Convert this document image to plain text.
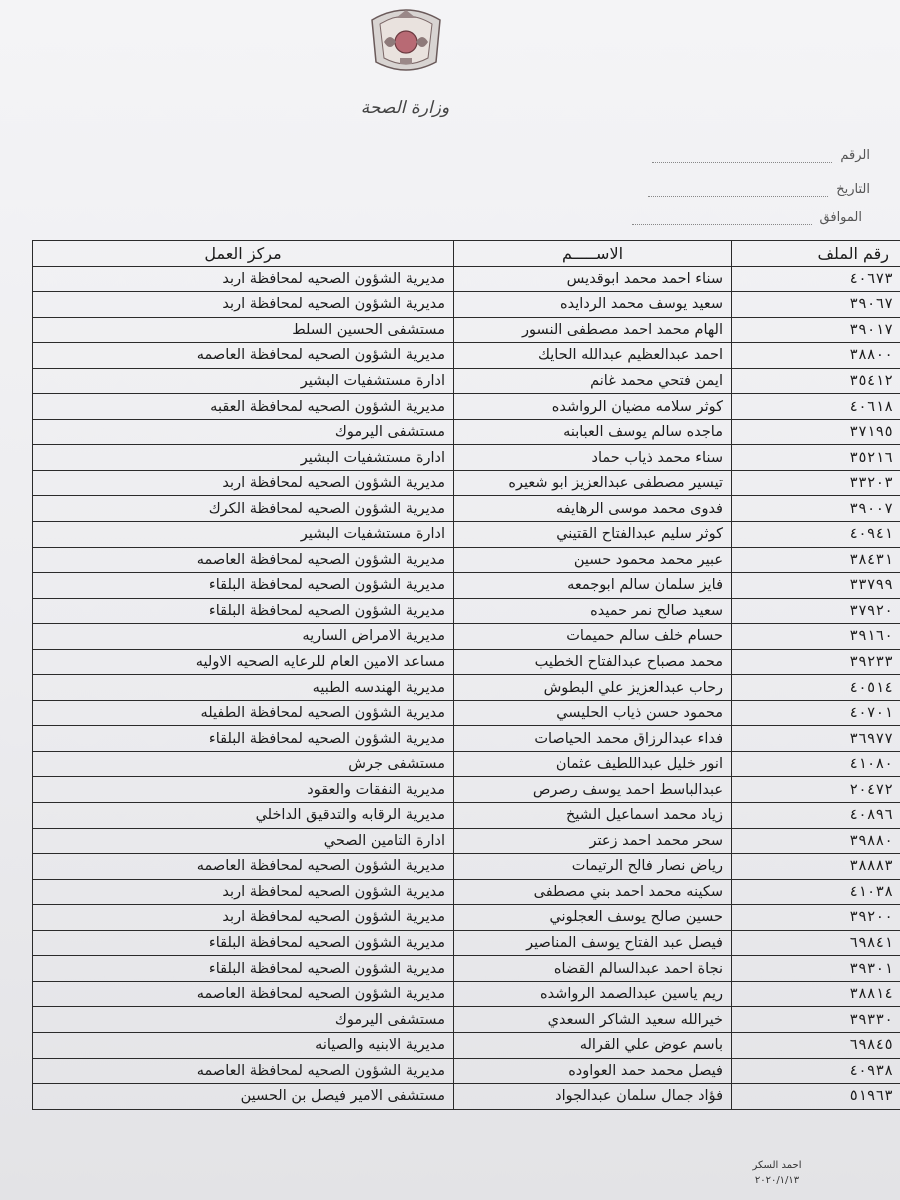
وزارة الصحة
الرقم
التاريخ
الموافق
رقم الملف	الاســـــم	مركز العمل
٤٠٦٧٣	سناء احمد محمد ابوقديس	مديرية الشؤون الصحيه لمحافظة اربد
٣٩٠٦٧	سعيد يوسف محمد الردايده	مديرية الشؤون الصحيه لمحافظة اربد
٣٩٠١٧	الهام محمد احمد مصطفى النسور	مستشفى الحسين السلط
٣٨٨٠٠	احمد عبدالعظيم عبدالله الحايك	مديرية الشؤون الصحيه لمحافظة العاصمه
٣٥٤١٢	ايمن فتحي محمد غانم	ادارة مستشفيات البشير
٤٠٦١٨	كوثر سلامه مضيان الرواشده	مديرية الشؤون الصحيه لمحافظة العقبه
٣٧١٩٥	ماجده سالم يوسف العبابنه	مستشفى اليرموك
٣٥٢١٦	سناء محمد ذياب حماد	ادارة مستشفيات البشير
٣٣٢٠٣	تيسير مصطفى عبدالعزيز ابو شعيره	مديرية الشؤون الصحيه لمحافظة اربد
٣٩٠٠٧	فدوى محمد موسى الرهايفه	مديرية الشؤون الصحيه لمحافظة الكرك
٤٠٩٤١	كوثر سليم عبدالفتاح القتيني	ادارة مستشفيات البشير
٣٨٤٣١	عبير محمد محمود حسين	مديرية الشؤون الصحيه لمحافظة العاصمه
٣٣٧٩٩	فايز سلمان سالم ابوجمعه	مديرية الشؤون الصحيه لمحافظة البلقاء
٣٧٩٢٠	سعيد صالح نمر حميده	مديرية الشؤون الصحيه لمحافظة البلقاء
٣٩١٦٠	حسام خلف سالم حميمات	مديرية الامراض الساريه
٣٩٢٣٣	محمد مصباح عبدالفتاح الخطيب	مساعد الامين العام للرعايه الصحيه الاوليه
٤٠٥١٤	رحاب عبدالعزيز علي البطوش	مديرية الهندسه الطبيه
٤٠٧٠١	محمود حسن ذياب الحليسي	مديرية الشؤون الصحيه لمحافظة الطفيله
٣٦٩٧٧	فداء عبدالرزاق محمد الحياصات	مديرية الشؤون الصحيه لمحافظة البلقاء
٤١٠٨٠	انور خليل عبداللطيف عثمان	مستشفى جرش
٢٠٤٧٢	عبدالباسط احمد يوسف رصرص	مديرية النفقات والعقود
٤٠٨٩٦	زياد محمد اسماعيل الشيخ	مديرية الرقابه والتدقيق الداخلي
٣٩٨٨٠	سحر محمد احمد زعتر	ادارة التامين الصحي
٣٨٨٨٣	رياض نصار فالح الرتيمات	مديرية الشؤون الصحيه لمحافظة العاصمه
٤١٠٣٨	سكينه محمد احمد بني مصطفى	مديرية الشؤون الصحيه لمحافظة اربد
٣٩٢٠٠	حسين صالح يوسف العجلوني	مديرية الشؤون الصحيه لمحافظة اربد
٦٩٨٤١	فيصل عبد الفتاح يوسف المناصير	مديرية الشؤون الصحيه لمحافظة البلقاء
٣٩٣٠١	نجاة احمد عبدالسالم القضاه	مديرية الشؤون الصحيه لمحافظة البلقاء
٣٨٨١٤	ريم ياسين عبدالصمد الرواشده	مديرية الشؤون الصحيه لمحافظة العاصمه
٣٩٣٣٠	خيرالله سعيد الشاكر السعدي	مستشفى اليرموك
٦٩٨٤٥	باسم عوض علي القراله	مديرية الابنيه والصيانه
٤٠٩٣٨	فيصل محمد حمد العواوده	مديرية الشؤون الصحيه لمحافظة العاصمه
٥١٩٦٣	فؤاد جمال سلمان عبدالجواد	مستشفى الامير فيصل بن الحسين
احمد السكر
٢٠٢٠/١/١٣
